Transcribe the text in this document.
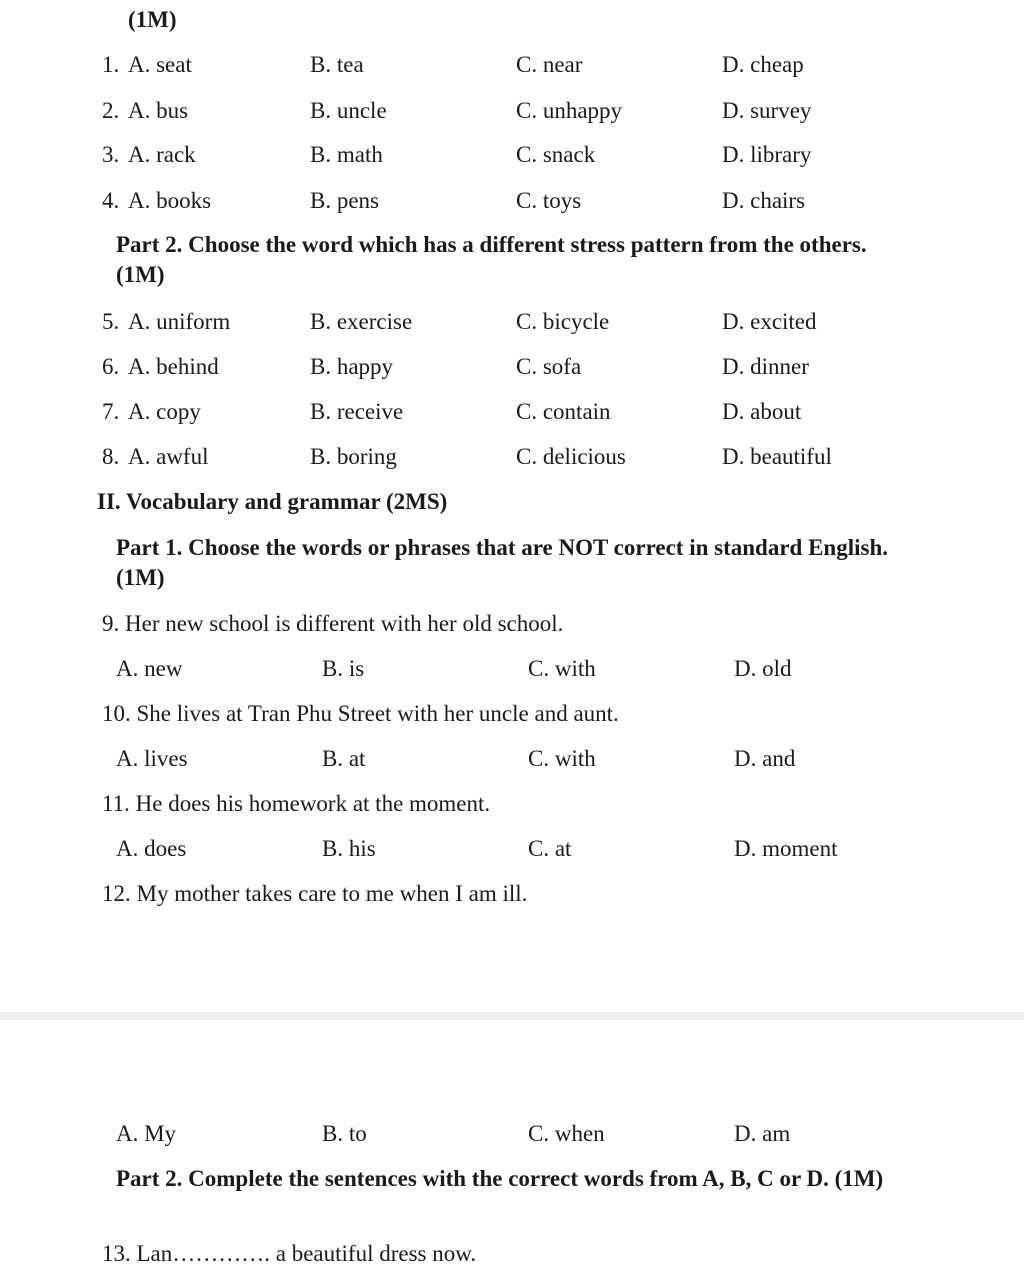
(1M)
1. A. seat	B. tea	C. near	D. cheap
2. A. bus	B. uncle	C. unhappy	D. survey
3. A. rack	B. math	C. snack	D. library
4. A. books	B. pens	C. toys	D. chairs
Part 2. Choose the word which has a different stress pattern from the others. (1M)
5. A. uniform	B. exercise	C. bicycle	D. excited
6. A. behind	B. happy	C. sofa	D. dinner
7. A. copy	B. receive	C. contain	D. about
8. A. awful	B. boring	C. delicious	D. beautiful
II. Vocabulary and grammar (2MS)
Part 1. Choose the words or phrases that are NOT correct in standard English. (1M)
9. Her new school is different with her old school.
A. new	B. is	C. with	D. old
10. She lives at Tran Phu Street with her uncle and aunt.
A. lives	B. at	C. with	D. and
11. He does his homework at the moment.
A. does	B. his	C. at	D. moment
12. My mother takes care to me when I am ill.
A. My	B. to	C. when	D. am
Part 2. Complete the sentences with the correct words from A, B, C or D. (1M)
13. Lan…………. a beautiful dress now.
